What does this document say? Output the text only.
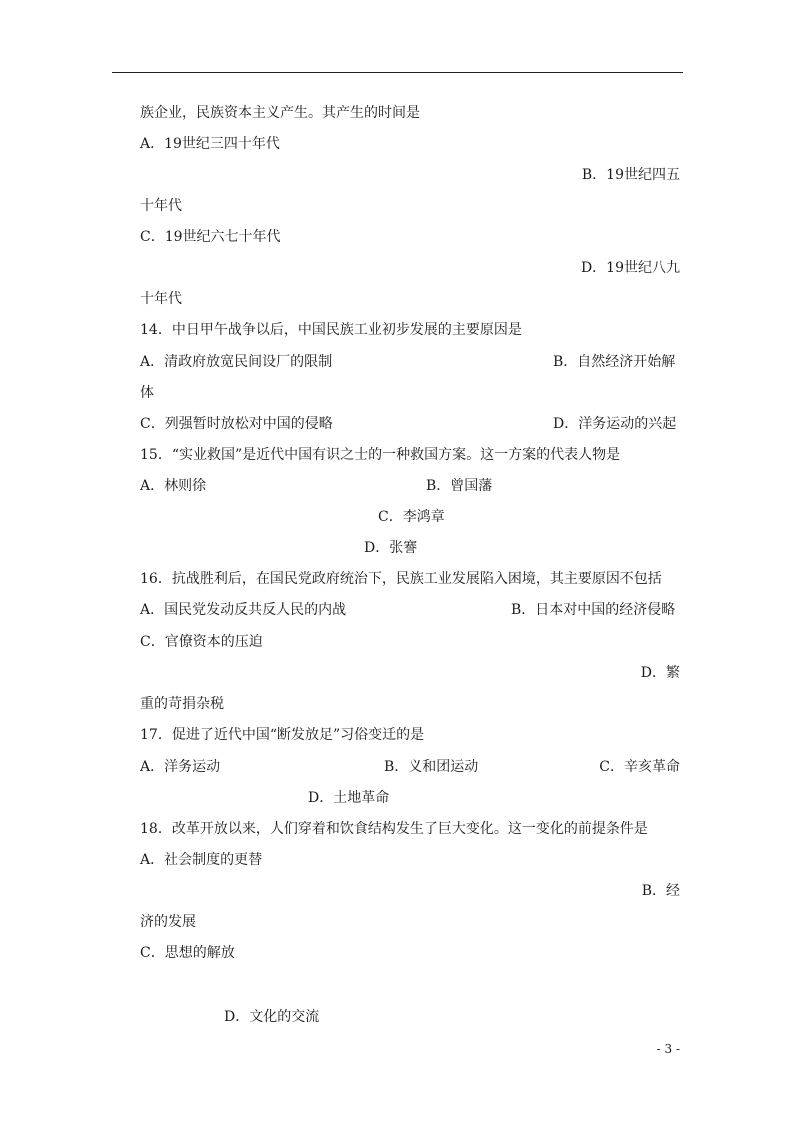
族企业，民族资本主义产生。其产生的时间是
A．19世纪三四十年代
B．19世纪四五
十年代
C．19世纪六七十年代
D．19世纪八九
十年代
14．中日甲午战争以后，中国民族工业初步发展的主要原因是
A．清政府放宽民间设厂的限制	B．自然经济开始解
体
C．列强暂时放松对中国的侵略	D．洋务运动的兴起
15．“实业救国”是近代中国有识之士的一种救国方案。这一方案的代表人物是
A．林则徐	B．曾国藩
C．李鸿章
D．张謇
16．抗战胜利后，在国民党政府统治下，民族工业发展陷入困境，其主要原因不包括
A．国民党发动反共反人民的内战	B．日本对中国的经济侵略
C．官僚资本的压迫
D．繁
重的苛捐杂税
17．促进了近代中国“断发放足”习俗变迁的是
A．洋务运动	B．义和团运动	C．辛亥革命
D．土地革命
18．改革开放以来，人们穿着和饮食结构发生了巨大变化。这一变化的前提条件是
A．社会制度的更替
B．经
济的发展
C．思想的解放
D．文化的交流
- 3 -
